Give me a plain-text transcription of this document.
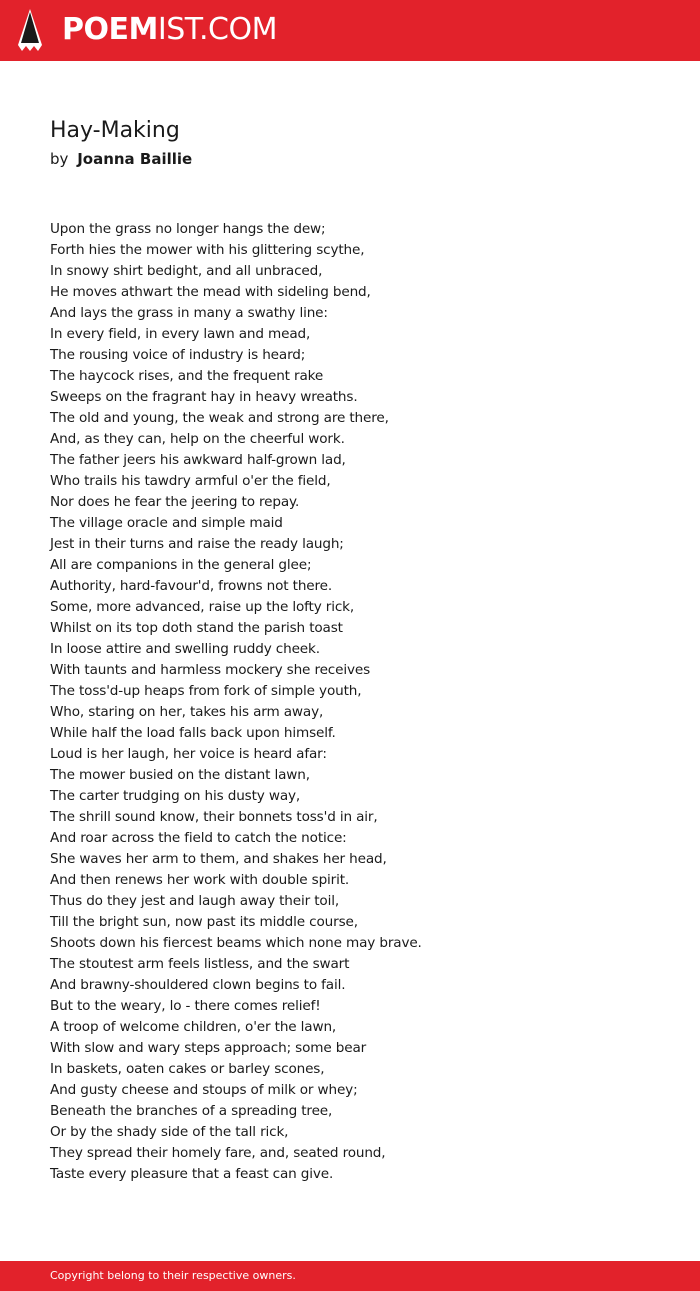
POEMIST.COM
Hay-Making
by Joanna Baillie
Upon the grass no longer hangs the dew;
Forth hies the mower with his glittering scythe,
In snowy shirt bedight, and all unbraced,
He moves athwart the mead with sideling bend,
And lays the grass in many a swathy line:
In every field, in every lawn and mead,
The rousing voice of industry is heard;
The haycock rises, and the frequent rake
Sweeps on the fragrant hay in heavy wreaths.
The old and young, the weak and strong are there,
And, as they can, help on the cheerful work.
The father jeers his awkward half-grown lad,
Who trails his tawdry armful o'er the field,
Nor does he fear the jeering to repay.
The village oracle and simple maid
Jest in their turns and raise the ready laugh;
All are companions in the general glee;
Authority, hard-favour'd, frowns not there.
Some, more advanced, raise up the lofty rick,
Whilst on its top doth stand the parish toast
In loose attire and swelling ruddy cheek.
With taunts and harmless mockery she receives
The toss'd-up heaps from fork of simple youth,
Who, staring on her, takes his arm away,
While half the load falls back upon himself.
Loud is her laugh, her voice is heard afar:
The mower busied on the distant lawn,
The carter trudging on his dusty way,
The shrill sound know, their bonnets toss'd in air,
And roar across the field to catch the notice:
She waves her arm to them, and shakes her head,
And then renews her work with double spirit.
Thus do they jest and laugh away their toil,
Till the bright sun, now past its middle course,
Shoots down his fiercest beams which none may brave.
The stoutest arm feels listless, and the swart
And brawny-shouldered clown begins to fail.
But to the weary, lo - there comes relief!
A troop of welcome children, o'er the lawn,
With slow and wary steps approach; some bear
In baskets, oaten cakes or barley scones,
And gusty cheese and stoups of milk or whey;
Beneath the branches of a spreading tree,
Or by the shady side of the tall rick,
They spread their homely fare, and, seated round,
Taste every pleasure that a feast can give.
Copyright belong to their respective owners.
